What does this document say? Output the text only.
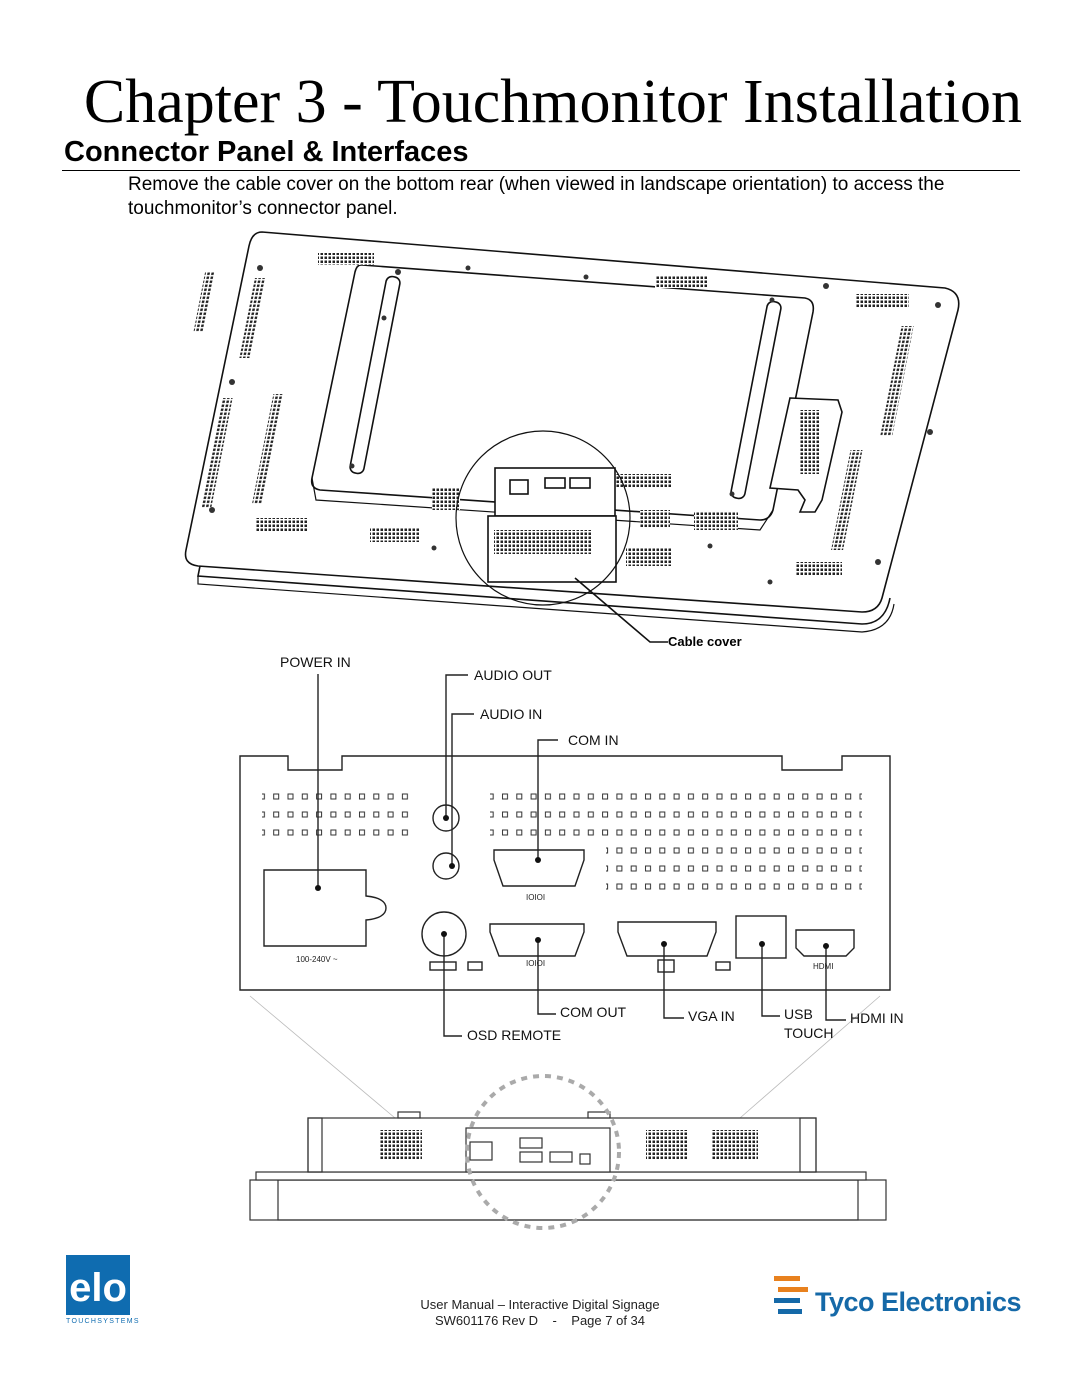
Chapter 3 - Touchmonitor Installation
Connector Panel & Interfaces
Remove the cable cover on the bottom rear (when viewed in landscape orientation) to access the touchmonitor’s connector panel.
Cable cover
POWER IN
AUDIO OUT
AUDIO IN
COM IN
COM OUT
OSD REMOTE
VGA IN	USB
TOUCH
HDMI IN
100-240V ~
IOIOI
IOIOI	HDMI
elo
TOUCHSYSTEMS
User Manual – Interactive Digital Signage
SW601176 Rev D    -    Page 7 of 34
Tyco Electronics
